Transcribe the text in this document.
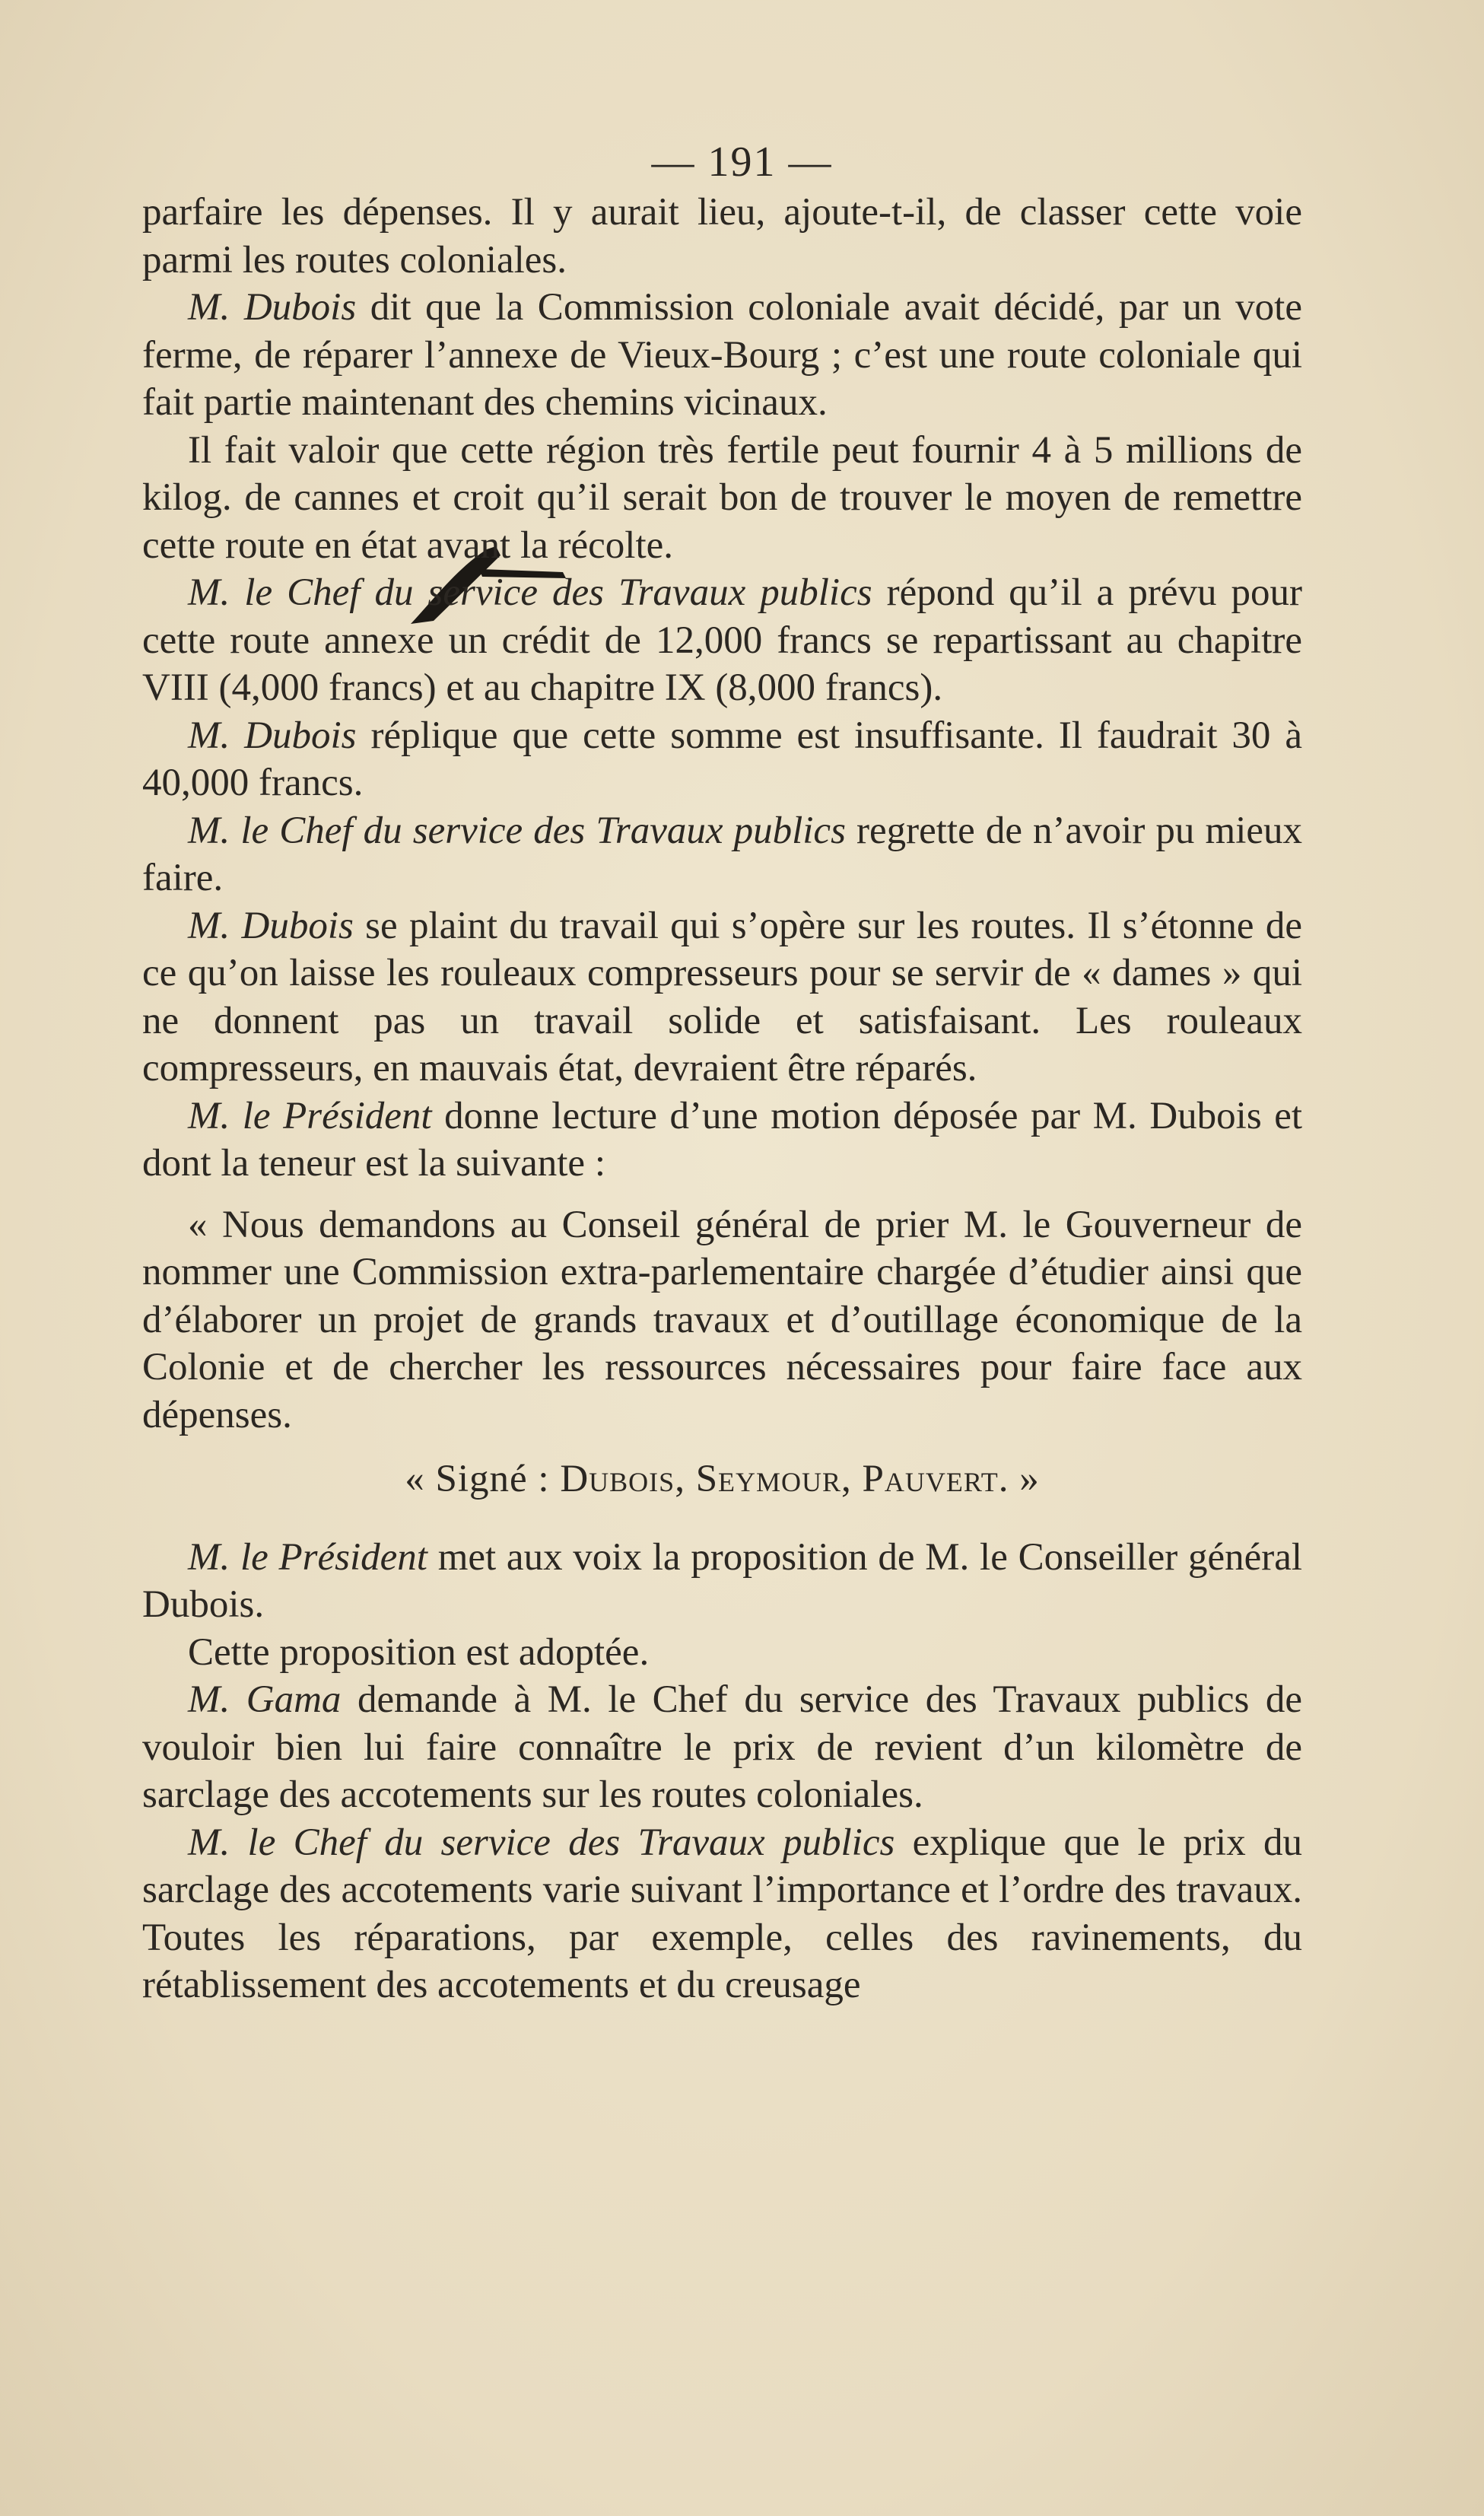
— 191 —

parfaire les dépenses. Il y aurait lieu, ajoute-t-il, de classer cette voie parmi les routes coloniales.

M. Dubois dit que la Commission coloniale avait décidé, par un vote ferme, de réparer l’annexe de Vieux-Bourg ; c’est une route coloniale qui fait partie maintenant des chemins vicinaux.

Il fait valoir que cette région très fertile peut fournir 4 à 5 millions de kilog. de cannes et croit qu’il serait bon de trouver le moyen de remettre cette route en état avant la récolte.

M. le Chef du service des Travaux publics répond qu’il a prévu pour cette route annexe un crédit de 12,000 francs se repartissant au chapitre VIII (4,000 francs) et au chapitre IX (8,000 francs).

M. Dubois réplique que cette somme est insuffisante. Il faudrait 30 à 40,000 francs.

M. le Chef du service des Travaux publics regrette de n’avoir pu mieux faire.

M. Dubois se plaint du travail qui s’opère sur les routes. Il s’étonne de ce qu’on laisse les rouleaux compresseurs pour se servir de « dames » qui ne donnent pas un travail solide et satisfaisant. Les rouleaux compresseurs, en mauvais état, devraient être réparés.

M. le Président donne lecture d’une motion déposée par M. Dubois et dont la teneur est la suivante :

« Nous demandons au Conseil général de prier M. le Gouverneur de nommer une Commission extra-parlementaire chargée d’étudier ainsi que d’élaborer un projet de grands travaux et d’outillage économique de la Colonie et de chercher les ressources nécessaires pour faire face aux dépenses.

« Signé : Dubois, Seymour, Pauvert. »

M. le Président met aux voix la proposition de M. le Conseiller général Dubois.

Cette proposition est adoptée.

M. Gama demande à M. le Chef du service des Travaux publics de vouloir bien lui faire connaître le prix de revient d’un kilomètre de sarclage des accotements sur les routes coloniales.

M. le Chef du service des Travaux publics explique que le prix du sarclage des accotements varie suivant l’importance et l’ordre des travaux. Toutes les réparations, par exemple, celles des ravinements, du rétablissement des accotements et du creusage
